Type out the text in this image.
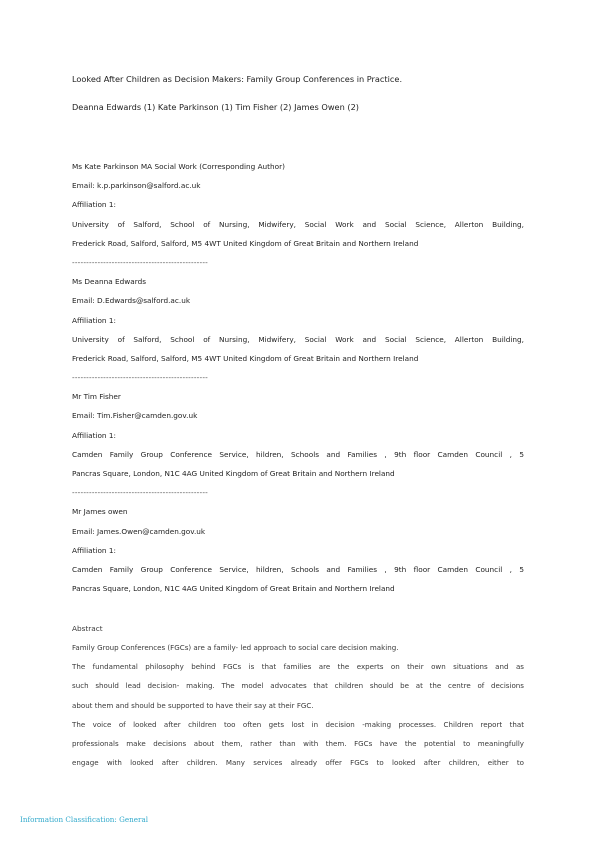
Looked After Children as Decision Makers: Family Group Conferences in Practice.
Deanna Edwards (1) Kate Parkinson (1) Tim Fisher (2) James Owen (2)
Ms Kate Parkinson MA Social Work (Corresponding Author)
Email: k.p.parkinson@salford.ac.uk
Affiliation 1:
University of Salford, School of Nursing, Midwifery, Social Work and Social Science, Allerton Building,
Frederick Road, Salford, Salford, M5 4WT United Kingdom of Great Britain and Northern Ireland
------------------------------------------------
Ms Deanna Edwards
Email: D.Edwards@salford.ac.uk
Affiliation 1:
University of Salford, School of Nursing, Midwifery, Social Work and Social Science, Allerton Building,
Frederick Road, Salford, Salford, M5 4WT United Kingdom of Great Britain and Northern Ireland
------------------------------------------------
Mr Tim Fisher
Email: Tim.Fisher@camden.gov.uk
Affiliation 1:
Camden Family Group Conference Service, hildren, Schools and Families , 9th floor Camden Council , 5
Pancras Square, London, N1C 4AG United Kingdom of Great Britain and Northern Ireland
------------------------------------------------
Mr James owen
Email: James.Owen@camden.gov.uk
Affiliation 1:
Camden Family Group Conference Service, hildren, Schools and Families , 9th floor Camden Council , 5
Pancras Square, London, N1C 4AG United Kingdom of Great Britain and Northern Ireland
Abstract
Family Group Conferences (FGCs) are a family- led approach to social care decision making.
The fundamental philosophy behind FGCs is that families are the experts on their own situations and as
such should lead decision- making. The model advocates that children should be at the centre of decisions
about them and should be supported to have their say at their FGC.
The voice of looked after children too often gets lost in decision -making processes. Children report that
professionals make decisions about them, rather than with them. FGCs have the potential to meaningfully
engage with looked after children. Many services already offer FGCs to looked after children, either to
Information Classification: General
